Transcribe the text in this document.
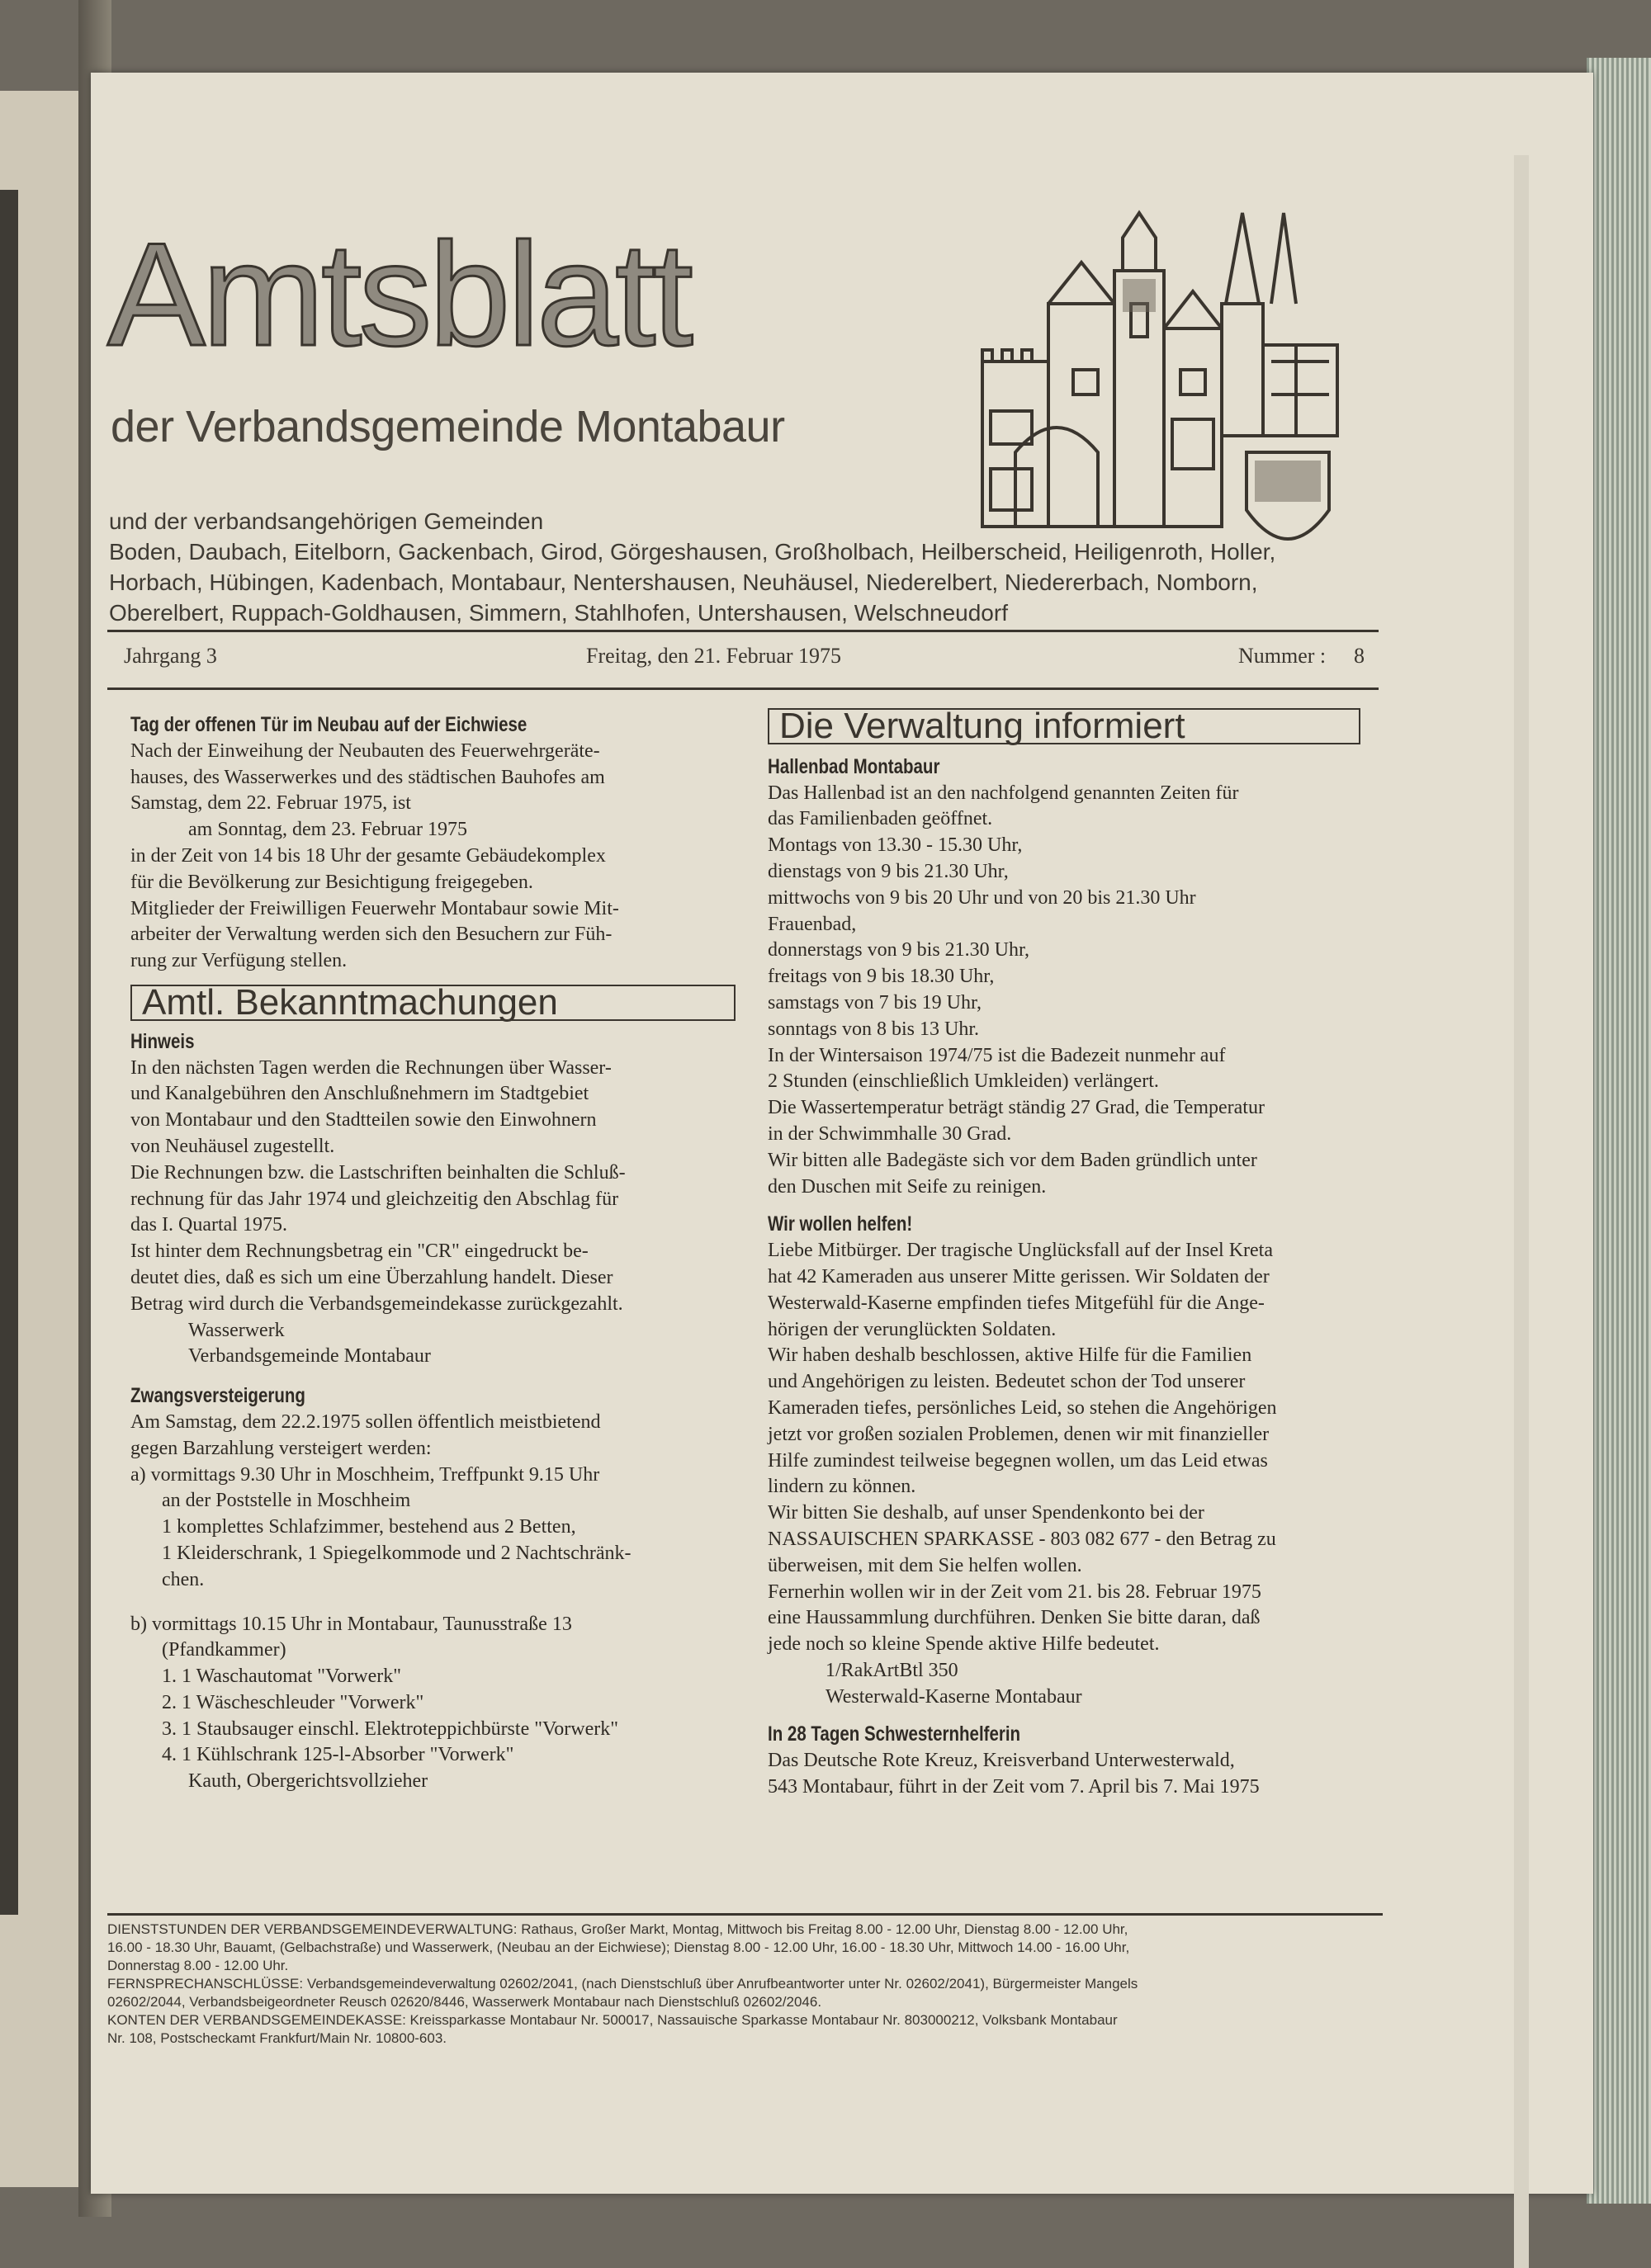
Amtsblatt
der Verbandsgemeinde Montabaur
und der verbandsangehörigen Gemeinden
Boden, Daubach, Eitelborn, Gackenbach, Girod, Görgeshausen, Großholbach, Heilberscheid, Heiligenroth, Holler,
Horbach, Hübingen, Kadenbach, Montabaur, Nentershausen, Neuhäusel, Niederelbert, Niedererbach, Nomborn,
Oberelbert, Ruppach-Goldhausen, Simmern, Stahlhofen, Untershausen, Welschneudorf
Jahrgang 3	Freitag, den 21. Februar 1975	Nummer : 8

Tag der offenen Tür im Neubau auf der Eichwiese

Nach der Einweihung der Neubauten des Feuerwehrgeräte-

hauses, des Wasserwerkes und des städtischen Bauhofes am

Samstag, dem 22. Februar 1975, ist

am Sonntag, dem 23. Februar 1975

in der Zeit von 14 bis 18 Uhr der gesamte Gebäudekomplex

für die Bevölkerung zur Besichtigung freigegeben.

Mitglieder der Freiwilligen Feuerwehr Montabaur sowie Mit-

arbeiter der Verwaltung werden sich den Besuchern zur Füh-

rung zur Verfügung stellen.

Amtl. Bekanntmachungen

Hinweis

In den nächsten Tagen werden die Rechnungen über Wasser-

und Kanalgebühren den Anschlußnehmern im Stadtgebiet

von Montabaur und den Stadtteilen sowie den Einwohnern

von Neuhäusel zugestellt.

Die Rechnungen bzw. die Lastschriften beinhalten die Schluß-

rechnung für das Jahr 1974 und gleichzeitig den Abschlag für

das I. Quartal 1975.

Ist hinter dem Rechnungsbetrag ein "CR" eingedruckt be-

deutet dies, daß es sich um eine Überzahlung handelt. Dieser

Betrag wird durch die Verbandsgemeindekasse zurückgezahlt.

Wasserwerk

Verbandsgemeinde Montabaur

Zwangsversteigerung

Am Samstag, dem 22.2.1975 sollen öffentlich meistbietend

gegen Barzahlung versteigert werden:

a) vormittags 9.30 Uhr in Moschheim, Treffpunkt 9.15 Uhr

an der Poststelle in Moschheim

1 komplettes Schlafzimmer, bestehend aus 2 Betten,

1 Kleiderschrank, 1 Spiegelkommode und 2 Nachtschränk-

chen.

b) vormittags 10.15 Uhr in Montabaur, Taunusstraße 13

(Pfandkammer)

1. 1 Waschautomat "Vorwerk"

2. 1 Wäscheschleuder "Vorwerk"

3. 1 Staubsauger einschl. Elektroteppichbürste "Vorwerk"

4. 1 Kühlschrank 125-l-Absorber "Vorwerk"

Kauth, Obergerichtsvollzieher

Die Verwaltung informiert

Hallenbad Montabaur

Das Hallenbad ist an den nachfolgend genannten Zeiten für

das Familienbaden geöffnet.

Montags von 13.30 - 15.30 Uhr,

dienstags von 9 bis 21.30 Uhr,

mittwochs von 9 bis 20 Uhr und von 20 bis 21.30 Uhr

Frauenbad,

donnerstags von 9 bis 21.30 Uhr,

freitags von 9 bis 18.30 Uhr,

samstags von 7 bis 19 Uhr,

sonntags von 8 bis 13 Uhr.

In der Wintersaison 1974/75 ist die Badezeit nunmehr auf

2 Stunden (einschließlich Umkleiden) verlängert.

Die Wassertemperatur beträgt ständig 27 Grad, die Temperatur

in der Schwimmhalle 30 Grad.

Wir bitten alle Badegäste sich vor dem Baden gründlich unter

den Duschen mit Seife zu reinigen.

Wir wollen helfen!

Liebe Mitbürger. Der tragische Unglücksfall auf der Insel Kreta

hat 42 Kameraden aus unserer Mitte gerissen. Wir Soldaten der

Westerwald-Kaserne empfinden tiefes Mitgefühl für die Ange-

hörigen der verunglückten Soldaten.

Wir haben deshalb beschlossen, aktive Hilfe für die Familien

und Angehörigen zu leisten. Bedeutet schon der Tod unserer

Kameraden tiefes, persönliches Leid, so stehen die Angehörigen

jetzt vor großen sozialen Problemen, denen wir mit finanzieller

Hilfe zumindest teilweise begegnen wollen, um das Leid etwas

lindern zu können.

Wir bitten Sie deshalb, auf unser Spendenkonto bei der

NASSAUISCHEN SPARKASSE - 803 082 677 - den Betrag zu

überweisen, mit dem Sie helfen wollen.

Fernerhin wollen wir in der Zeit vom 21. bis 28. Februar 1975

eine Haussammlung durchführen. Denken Sie bitte daran, daß

jede noch so kleine Spende aktive Hilfe bedeutet.

1/RakArtBtl 350

Westerwald-Kaserne Montabaur

In 28 Tagen Schwesternhelferin

Das Deutsche Rote Kreuz, Kreisverband Unterwesterwald,

543 Montabaur, führt in der Zeit vom 7. April bis 7. Mai 1975

DIENSTSTUNDEN DER VERBANDSGEMEINDEVERWALTUNG: Rathaus, Großer Markt, Montag, Mittwoch bis Freitag 8.00 - 12.00 Uhr, Dienstag 8.00 - 12.00 Uhr,

16.00 - 18.30 Uhr, Bauamt, (Gelbachstraße) und Wasserwerk, (Neubau an der Eichwiese); Dienstag 8.00 - 12.00 Uhr, 16.00 - 18.30 Uhr, Mittwoch 14.00 - 16.00 Uhr,

Donnerstag 8.00 - 12.00 Uhr.

FERNSPRECHANSCHLÜSSE: Verbandsgemeindeverwaltung 02602/2041, (nach Dienstschluß über Anrufbeantworter unter Nr. 02602/2041), Bürgermeister Mangels

02602/2044, Verbandsbeigeordneter Reusch 02620/8446, Wasserwerk Montabaur nach Dienstschluß 02602/2046.

KONTEN DER VERBANDSGEMEINDEKASSE: Kreissparkasse Montabaur Nr. 500017, Nassauische Sparkasse Montabaur Nr. 803000212, Volksbank Montabaur

Nr. 108, Postscheckamt Frankfurt/Main Nr. 10800-603.
